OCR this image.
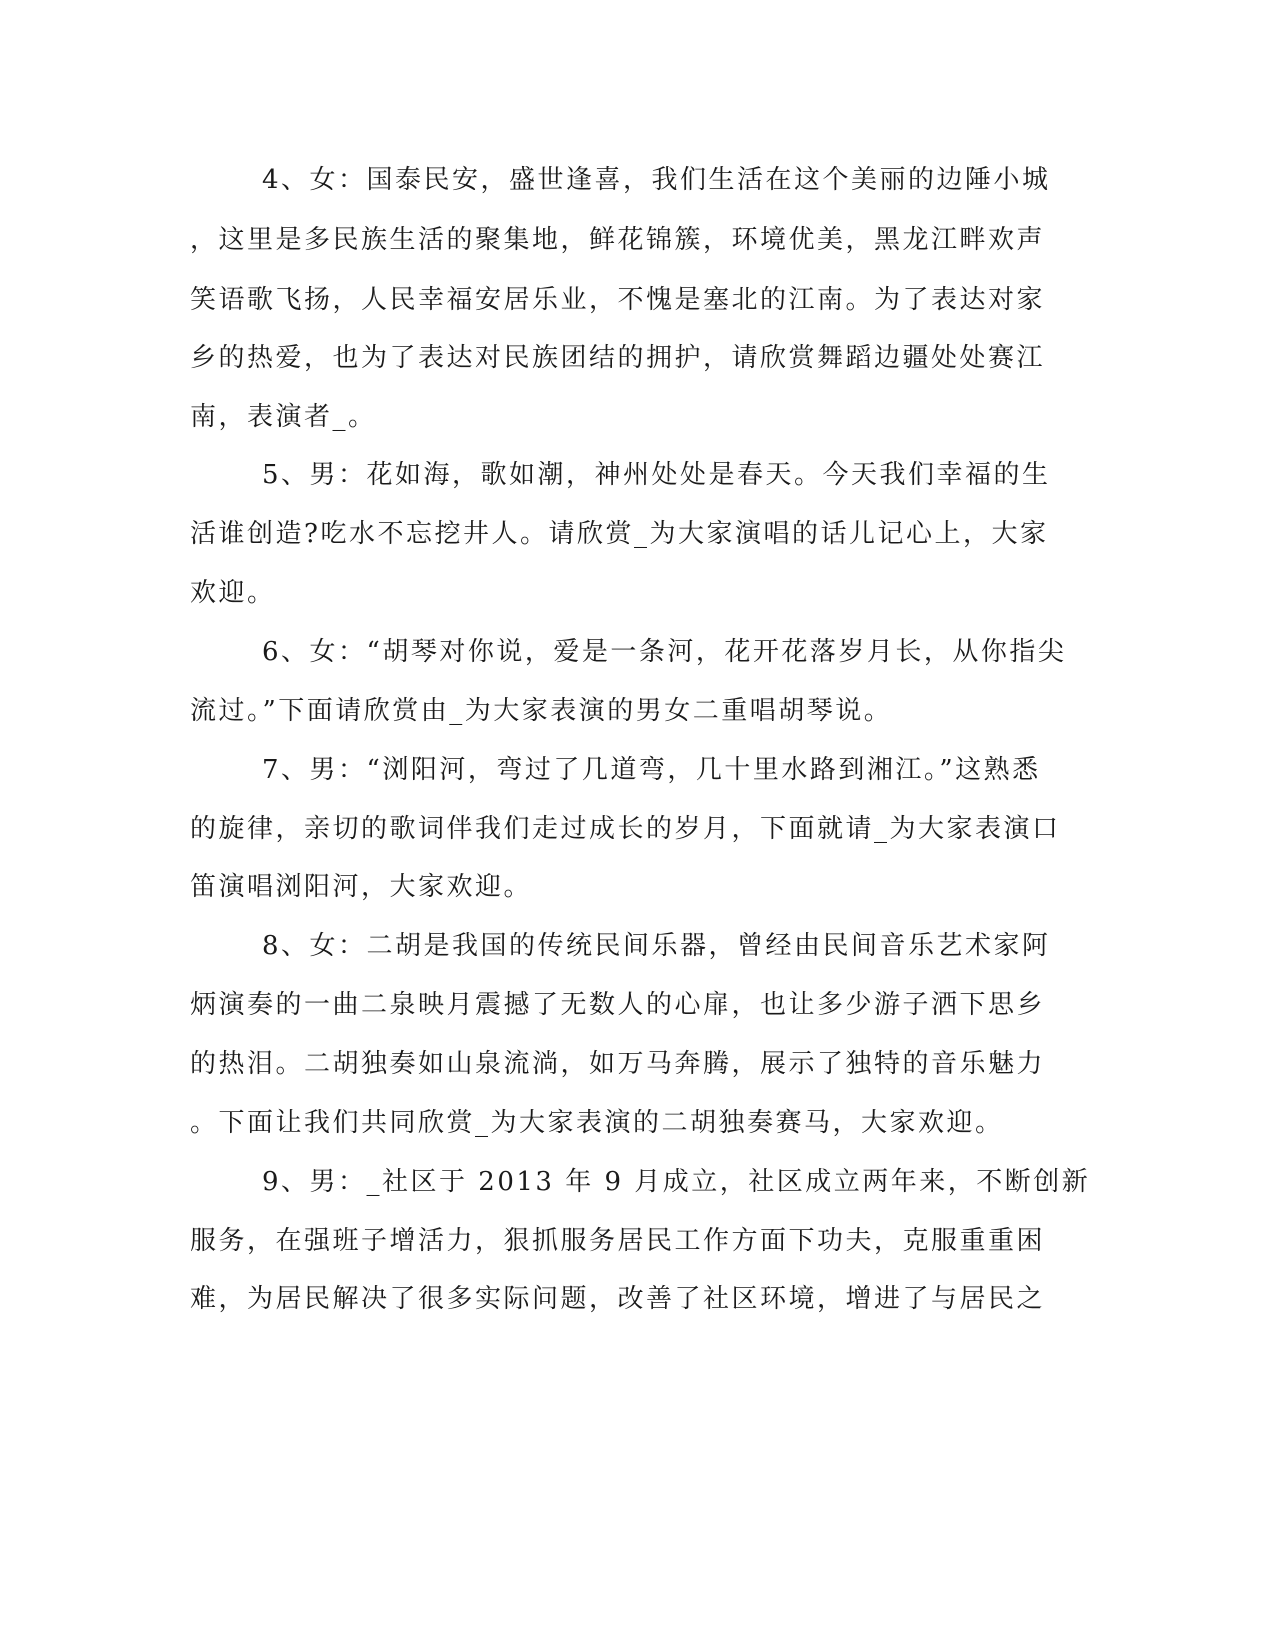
4、女：国泰民安，盛世逢喜，我们生活在这个美丽的边陲小城
，这里是多民族生活的聚集地，鲜花锦簇，环境优美，黑龙江畔欢声
笑语歌飞扬，人民幸福安居乐业，不愧是塞北的江南。为了表达对家
乡的热爱，也为了表达对民族团结的拥护，请欣赏舞蹈边疆处处赛江
南，表演者_。
5、男：花如海，歌如潮，神州处处是春天。今天我们幸福的生
活谁创造?吃水不忘挖井人。请欣赏_为大家演唱的话儿记心上，大家
欢迎。
6、女：“胡琴对你说，爱是一条河，花开花落岁月长，从你指尖
流过。”下面请欣赏由_为大家表演的男女二重唱胡琴说。
7、男：“浏阳河，弯过了几道弯，几十里水路到湘江。”这熟悉
的旋律，亲切的歌词伴我们走过成长的岁月，下面就请_为大家表演口
笛演唱浏阳河，大家欢迎。
8、女：二胡是我国的传统民间乐器，曾经由民间音乐艺术家阿
炳演奏的一曲二泉映月震撼了无数人的心扉，也让多少游子洒下思乡
的热泪。二胡独奏如山泉流淌，如万马奔腾，展示了独特的音乐魅力
。下面让我们共同欣赏_为大家表演的二胡独奏赛马，大家欢迎。
9、男：_社区于 2013 年 9 月成立，社区成立两年来，不断创新
服务，在强班子增活力，狠抓服务居民工作方面下功夫，克服重重困
难，为居民解决了很多实际问题，改善了社区环境，增进了与居民之
